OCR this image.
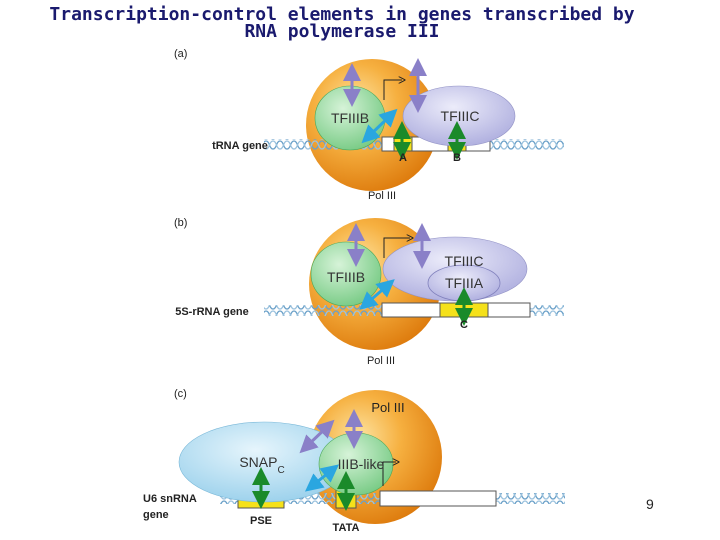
Transcription-control elements in genes transcribed by
RNA polymerase III
(a)
TFIIIB	TFIIIC
tRNA gene
A	B
Pol III
(b)
TFIIIB
TFIIIC
TFIIIA
5S-rRNA gene
C
Pol III
(c)
Pol III
$SNAP_C$	IIIB-like
U6 snRNA
gene	PSE
TATA
9
